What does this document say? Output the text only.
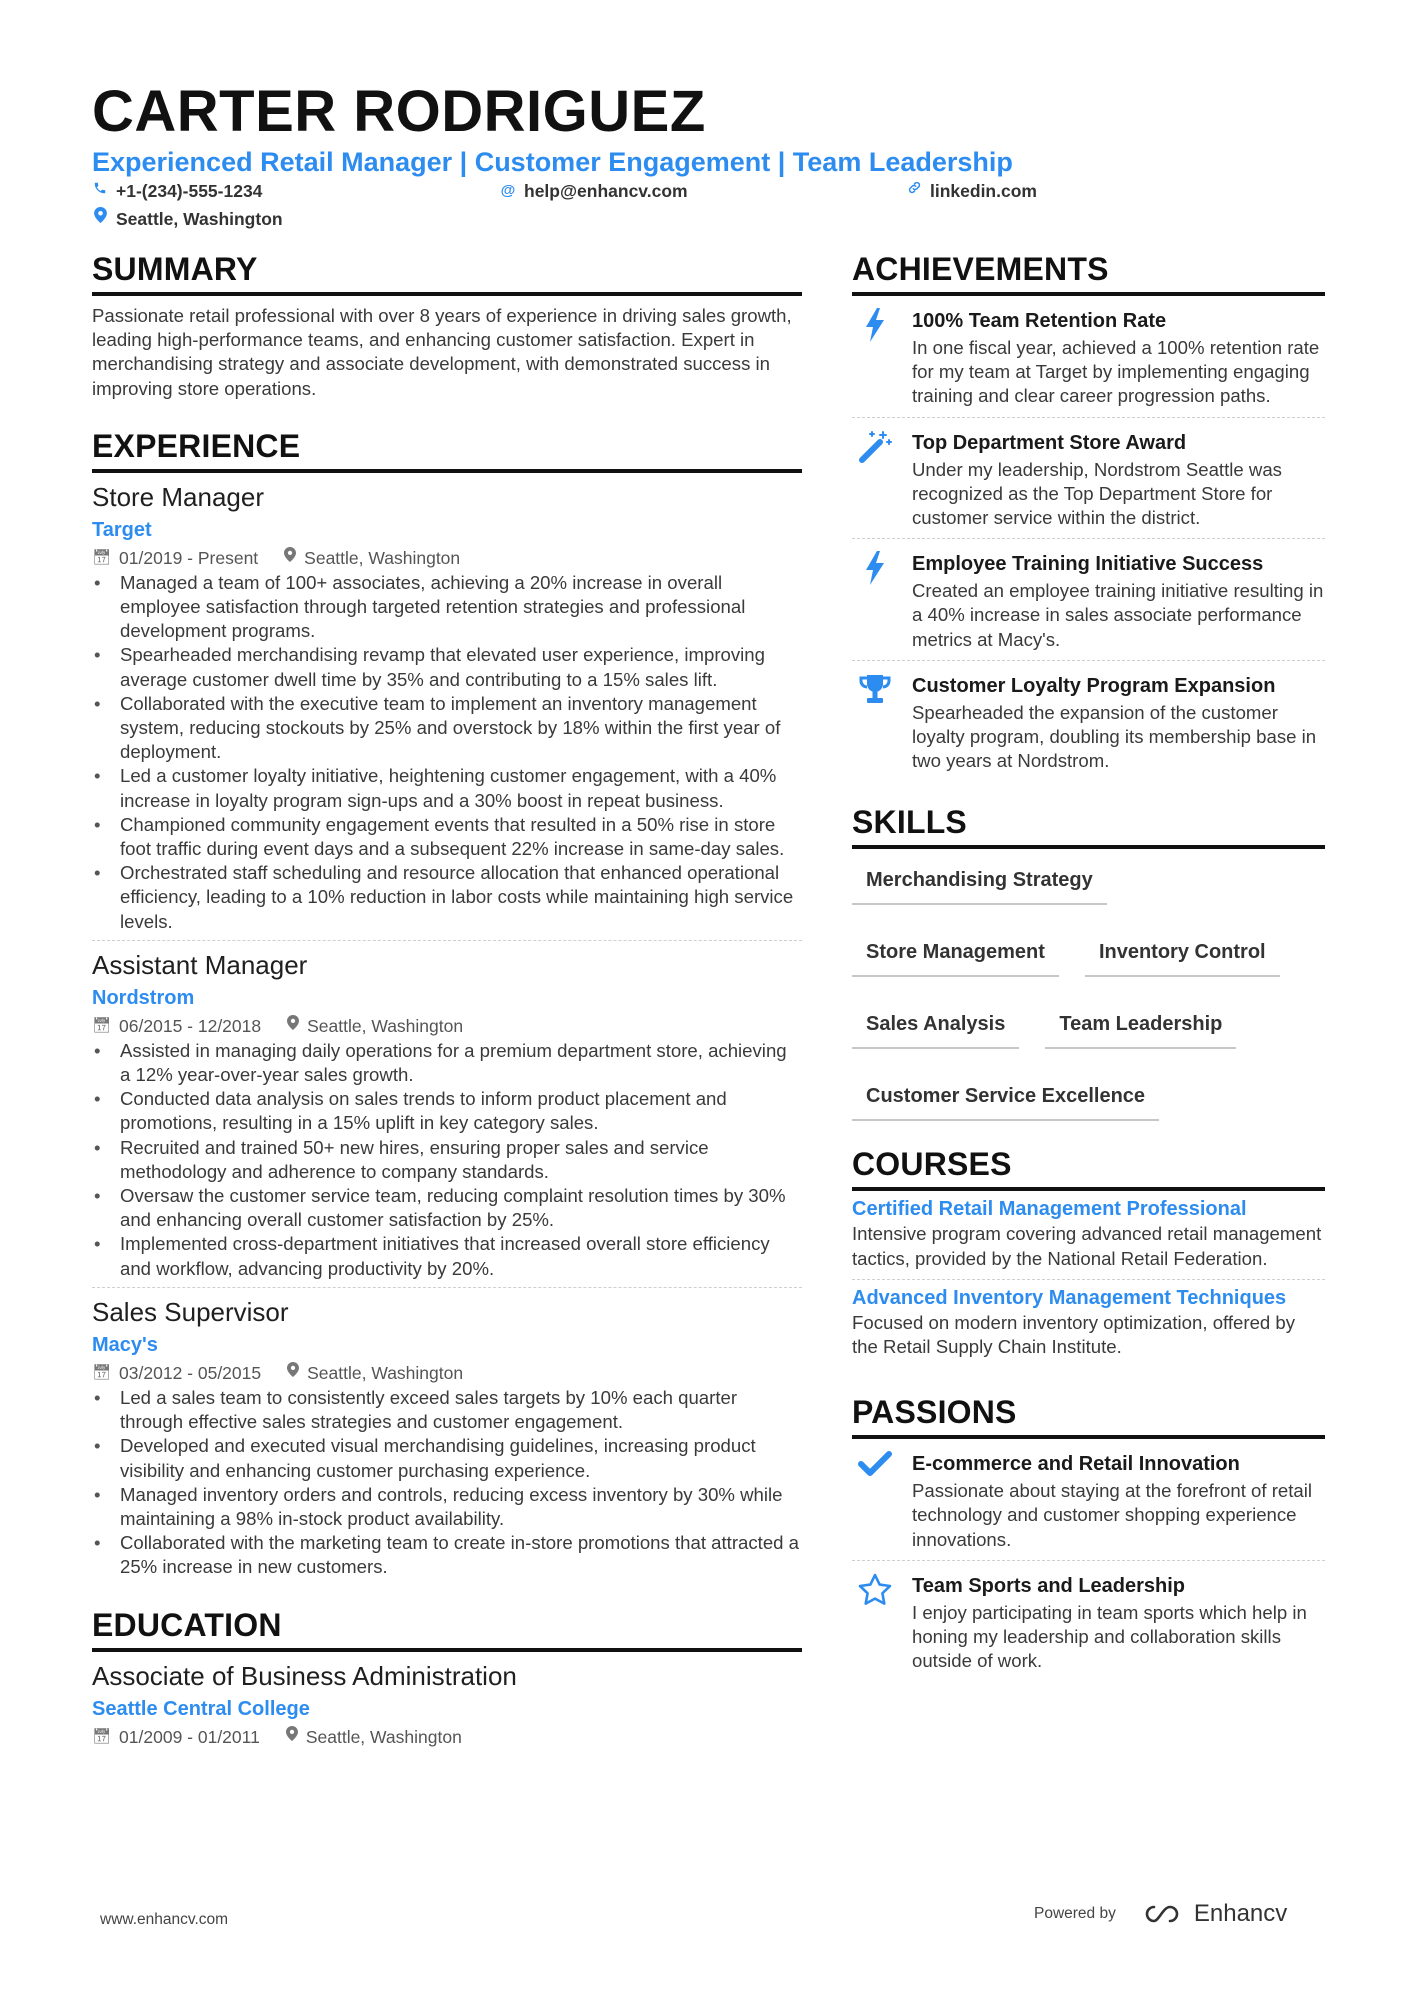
CARTER RODRIGUEZ
Experienced Retail Manager | Customer Engagement | Team Leadership
+1-(234)-555-1234	@ help@enhancv.com	linkedin.com
Seattle, Washington
SUMMARY

Passionate retail professional with over 8 years of experience in driving sales growth, leading high-performance teams, and enhancing customer satisfaction. Expert in merchandising strategy and associate development, with demonstrated success in improving store operations.

EXPERIENCE
Store Manager
Target
📅︎ 01/2019 - Present	Seattle, Washington
• Managed a team of 100+ associates, achieving a 20% increase in overall employee satisfaction through targeted retention strategies and professional development programs.
• Spearheaded merchandising revamp that elevated user experience, improving average customer dwell time by 35% and contributing to a 15% sales lift.
• Collaborated with the executive team to implement an inventory management system, reducing stockouts by 25% and overstock by 18% within the first year of deployment.
• Led a customer loyalty initiative, heightening customer engagement, with a 40% increase in loyalty program sign-ups and a 30% boost in repeat business.
• Championed community engagement events that resulted in a 50% rise in store foot traffic during event days and a subsequent 22% increase in same-day sales.
• Orchestrated staff scheduling and resource allocation that enhanced operational efficiency, leading to a 10% reduction in labor costs while maintaining high service levels.
Assistant Manager
Nordstrom
📅︎ 06/2015 - 12/2018	Seattle, Washington
• Assisted in managing daily operations for a premium department store, achieving a 12% year-over-year sales growth.
• Conducted data analysis on sales trends to inform product placement and promotions, resulting in a 15% uplift in key category sales.
• Recruited and trained 50+ new hires, ensuring proper sales and service methodology and adherence to company standards.
• Oversaw the customer service team, reducing complaint resolution times by 30% and enhancing overall customer satisfaction by 25%.
• Implemented cross-department initiatives that increased overall store efficiency and workflow, advancing productivity by 20%.
Sales Supervisor
Macy's
📅︎ 03/2012 - 05/2015	Seattle, Washington
• Led a sales team to consistently exceed sales targets by 10% each quarter through effective sales strategies and customer engagement.
• Developed and executed visual merchandising guidelines, increasing product visibility and enhancing customer purchasing experience.
• Managed inventory orders and controls, reducing excess inventory by 30% while maintaining a 98% in-stock product availability.
• Collaborated with the marketing team to create in-store promotions that attracted a 25% increase in new customers.
EDUCATION
Associate of Business Administration
Seattle Central College
📅︎ 01/2009 - 01/2011	Seattle, Washington
ACHIEVEMENTS
100% Team Retention Rate

In one fiscal year, achieved a 100% retention rate for my team at Target by implementing engaging training and clear career progression paths.

Top Department Store Award

Under my leadership, Nordstrom Seattle was recognized as the Top Department Store for customer service within the district.

Employee Training Initiative Success

Created an employee training initiative resulting in a 40% increase in sales associate performance metrics at Macy's.

Customer Loyalty Program Expansion

Spearheaded the expansion of the customer loyalty program, doubling its membership base in two years at Nordstrom.

SKILLS
Merchandising Strategy
Store Management	Inventory Control
Sales Analysis	Team Leadership
Customer Service Excellence
COURSES
Certified Retail Management Professional

Intensive program covering advanced retail management tactics, provided by the National Retail Federation.

Advanced Inventory Management Techniques

Focused on modern inventory optimization, offered by the Retail Supply Chain Institute.

PASSIONS
E-commerce and Retail Innovation

Passionate about staying at the forefront of retail technology and customer shopping experience innovations.

Team Sports and Leadership

I enjoy participating in team sports which help in honing my leadership and collaboration skills outside of work.

www.enhancv.com	Powered by	Enhancv
